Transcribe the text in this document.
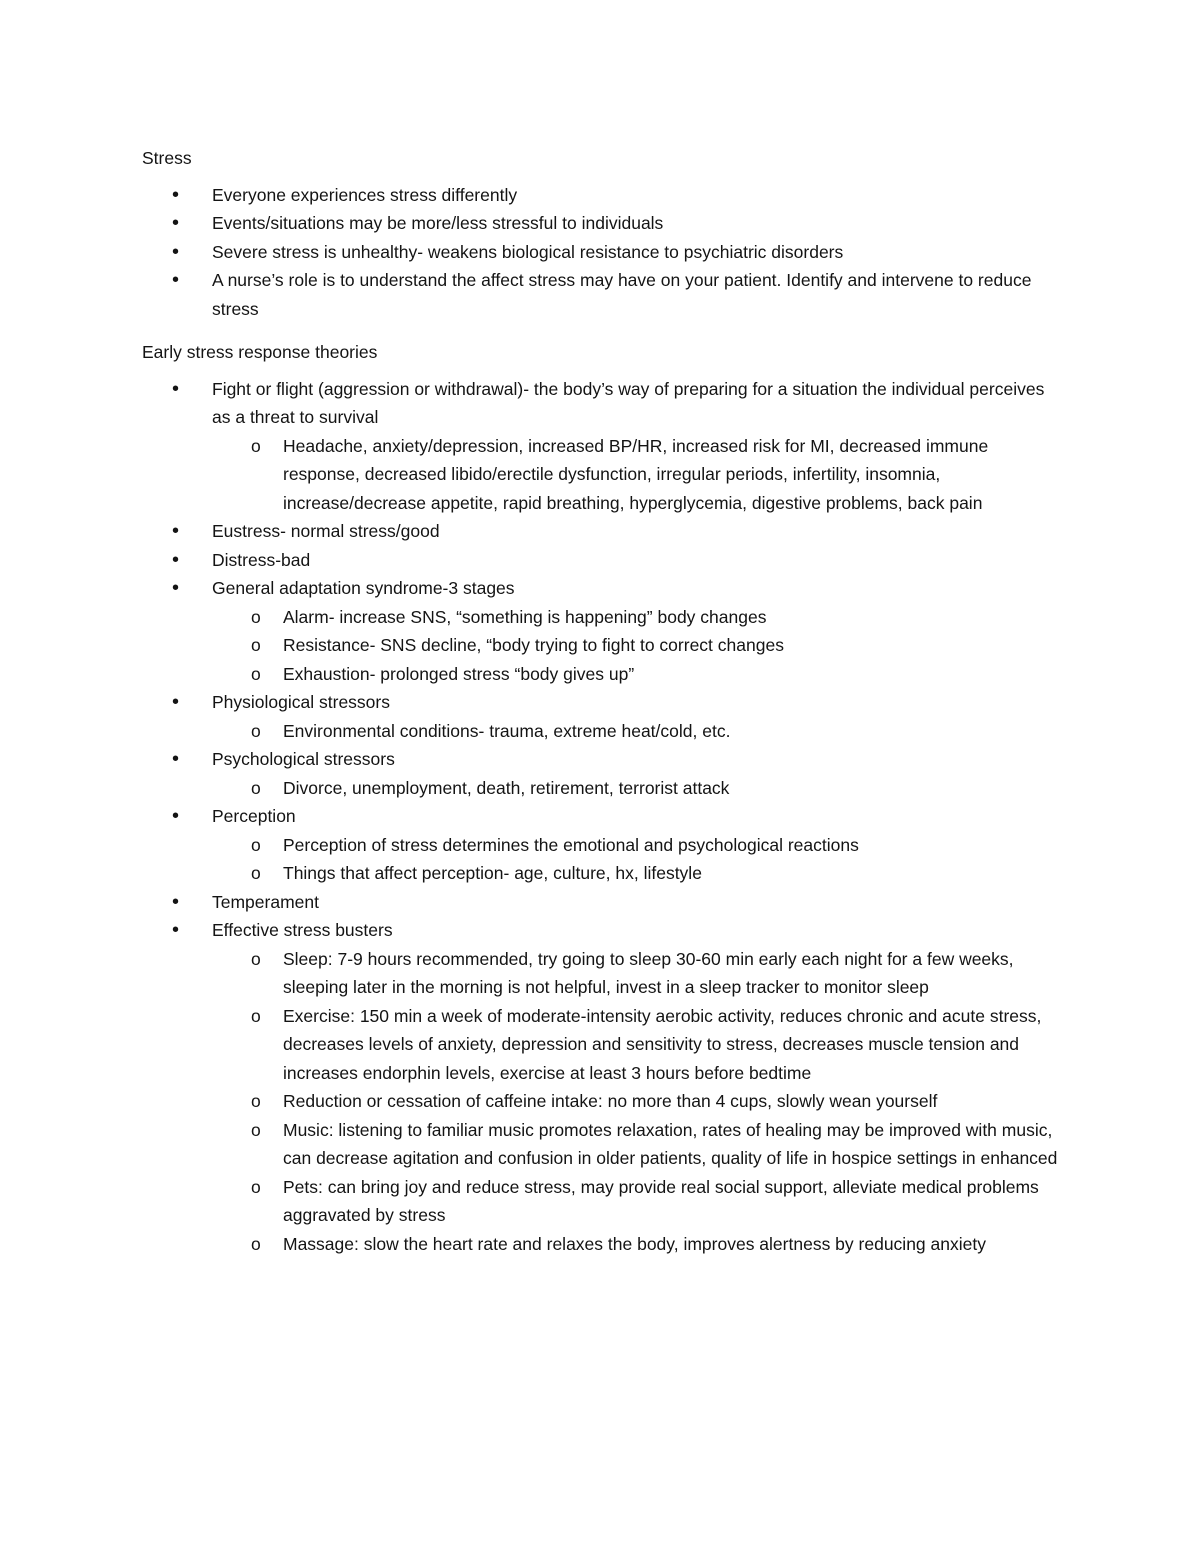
Stress
• Everyone experiences stress differently
• Events/situations may be more/less stressful to individuals
• Severe stress is unhealthy- weakens biological resistance to psychiatric disorders
• A nurse’s role is to understand the affect stress may have on your patient. Identify and intervene to reduce stress
Early stress response theories
• Fight or flight (aggression or withdrawal)- the body’s way of preparing for a situation the individual perceives as a threat to survival
o Headache, anxiety/depression, increased BP/HR, increased risk for MI, decreased immune response, decreased libido/erectile dysfunction, irregular periods, infertility, insomnia, increase/decrease appetite, rapid breathing, hyperglycemia, digestive problems, back pain
• Eustress- normal stress/good
• Distress-bad
• General adaptation syndrome-3 stages
o Alarm- increase SNS, “something is happening” body changes
o Resistance- SNS decline, “body trying to fight to correct changes
o Exhaustion- prolonged stress “body gives up”
• Physiological stressors
o Environmental conditions- trauma, extreme heat/cold, etc.
• Psychological stressors
o Divorce, unemployment, death, retirement, terrorist attack
• Perception
o Perception of stress determines the emotional and psychological reactions
o Things that affect perception- age, culture, hx, lifestyle
• Temperament
• Effective stress busters
o Sleep: 7-9 hours recommended, try going to sleep 30-60 min early each night for a few weeks, sleeping later in the morning is not helpful, invest in a sleep tracker to monitor sleep
o Exercise: 150 min a week of moderate-intensity aerobic activity, reduces chronic and acute stress, decreases levels of anxiety, depression and sensitivity to stress, decreases muscle tension and increases endorphin levels, exercise at least 3 hours before bedtime
o Reduction or cessation of caffeine intake: no more than 4 cups, slowly wean yourself
o Music: listening to familiar music promotes relaxation, rates of healing may be improved with music, can decrease agitation and confusion in older patients, quality of life in hospice settings in enhanced
o Pets: can bring joy and reduce stress, may provide real social support, alleviate medical problems aggravated by stress
o Massage: slow the heart rate and relaxes the body, improves alertness by reducing anxiety
